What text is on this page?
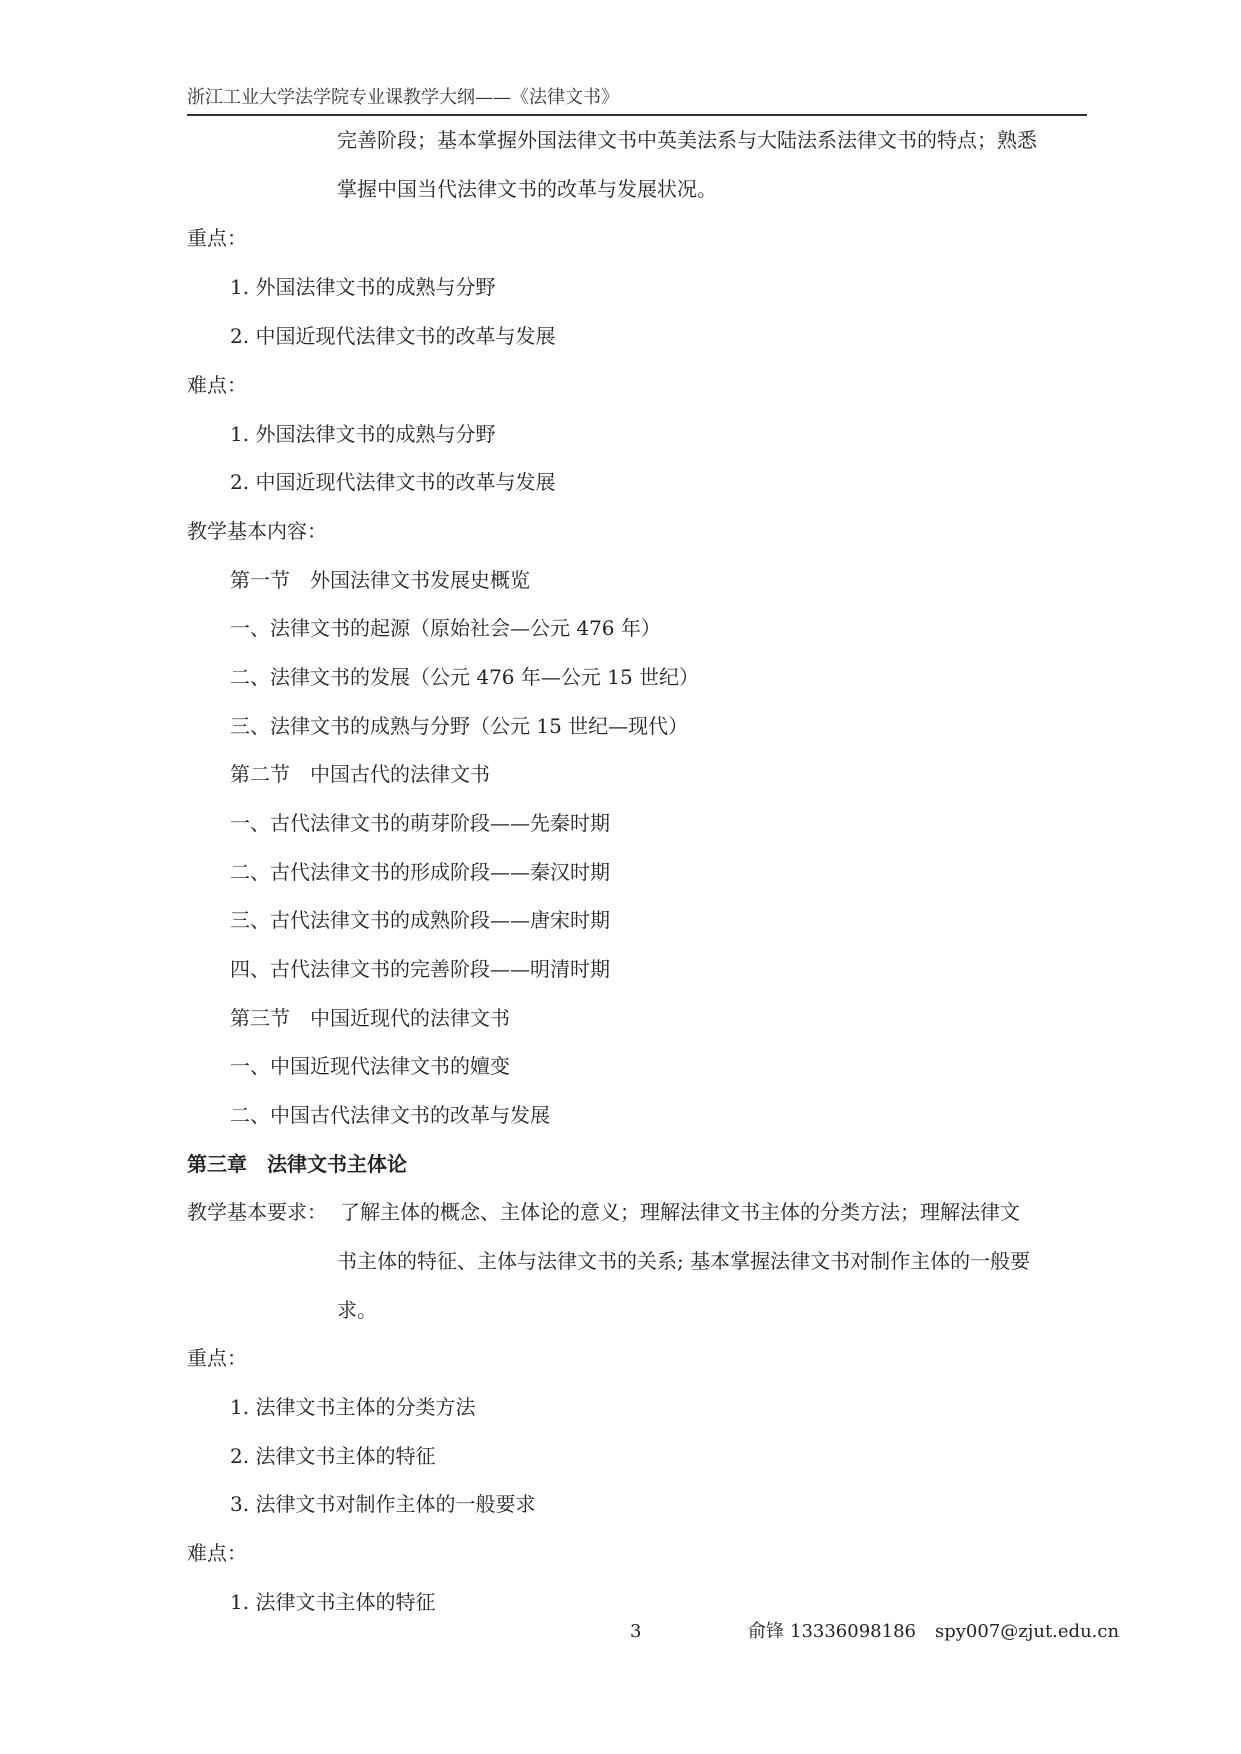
浙江工业大学法学院专业课教学大纲——《法律文书》
完善阶段；基本掌握外国法律文书中英美法系与大陆法系法律文书的特点；熟悉
掌握中国当代法律文书的改革与发展状况。
重点：
1. 外国法律文书的成熟与分野
2. 中国近现代法律文书的改革与发展
难点：
1. 外国法律文书的成熟与分野
2. 中国近现代法律文书的改革与发展
教学基本内容：
第一节　外国法律文书发展史概览
一、法律文书的起源（原始社会—公元 476 年）
二、法律文书的发展（公元 476 年—公元 15 世纪）
三、法律文书的成熟与分野（公元 15 世纪—现代）
第二节　中国古代的法律文书
一、古代法律文书的萌芽阶段——先秦时期
二、古代法律文书的形成阶段——秦汉时期
三、古代法律文书的成熟阶段——唐宋时期
四、古代法律文书的完善阶段——明清时期
第三节　中国近现代的法律文书
一、中国近现代法律文书的嬗变
二、中国古代法律文书的改革与发展
第三章　法律文书主体论
教学基本要求： 了解主体的概念、主体论的意义；理解法律文书主体的分类方法；理解法律文
书主体的特征、主体与法律文书的关系; 基本掌握法律文书对制作主体的一般要
求。
重点：
1. 法律文书主体的分类方法
2. 法律文书主体的特征
3. 法律文书对制作主体的一般要求
难点：
1. 法律文书主体的特征
3	俞锋 13336098186 spy007@zjut.edu.cn
